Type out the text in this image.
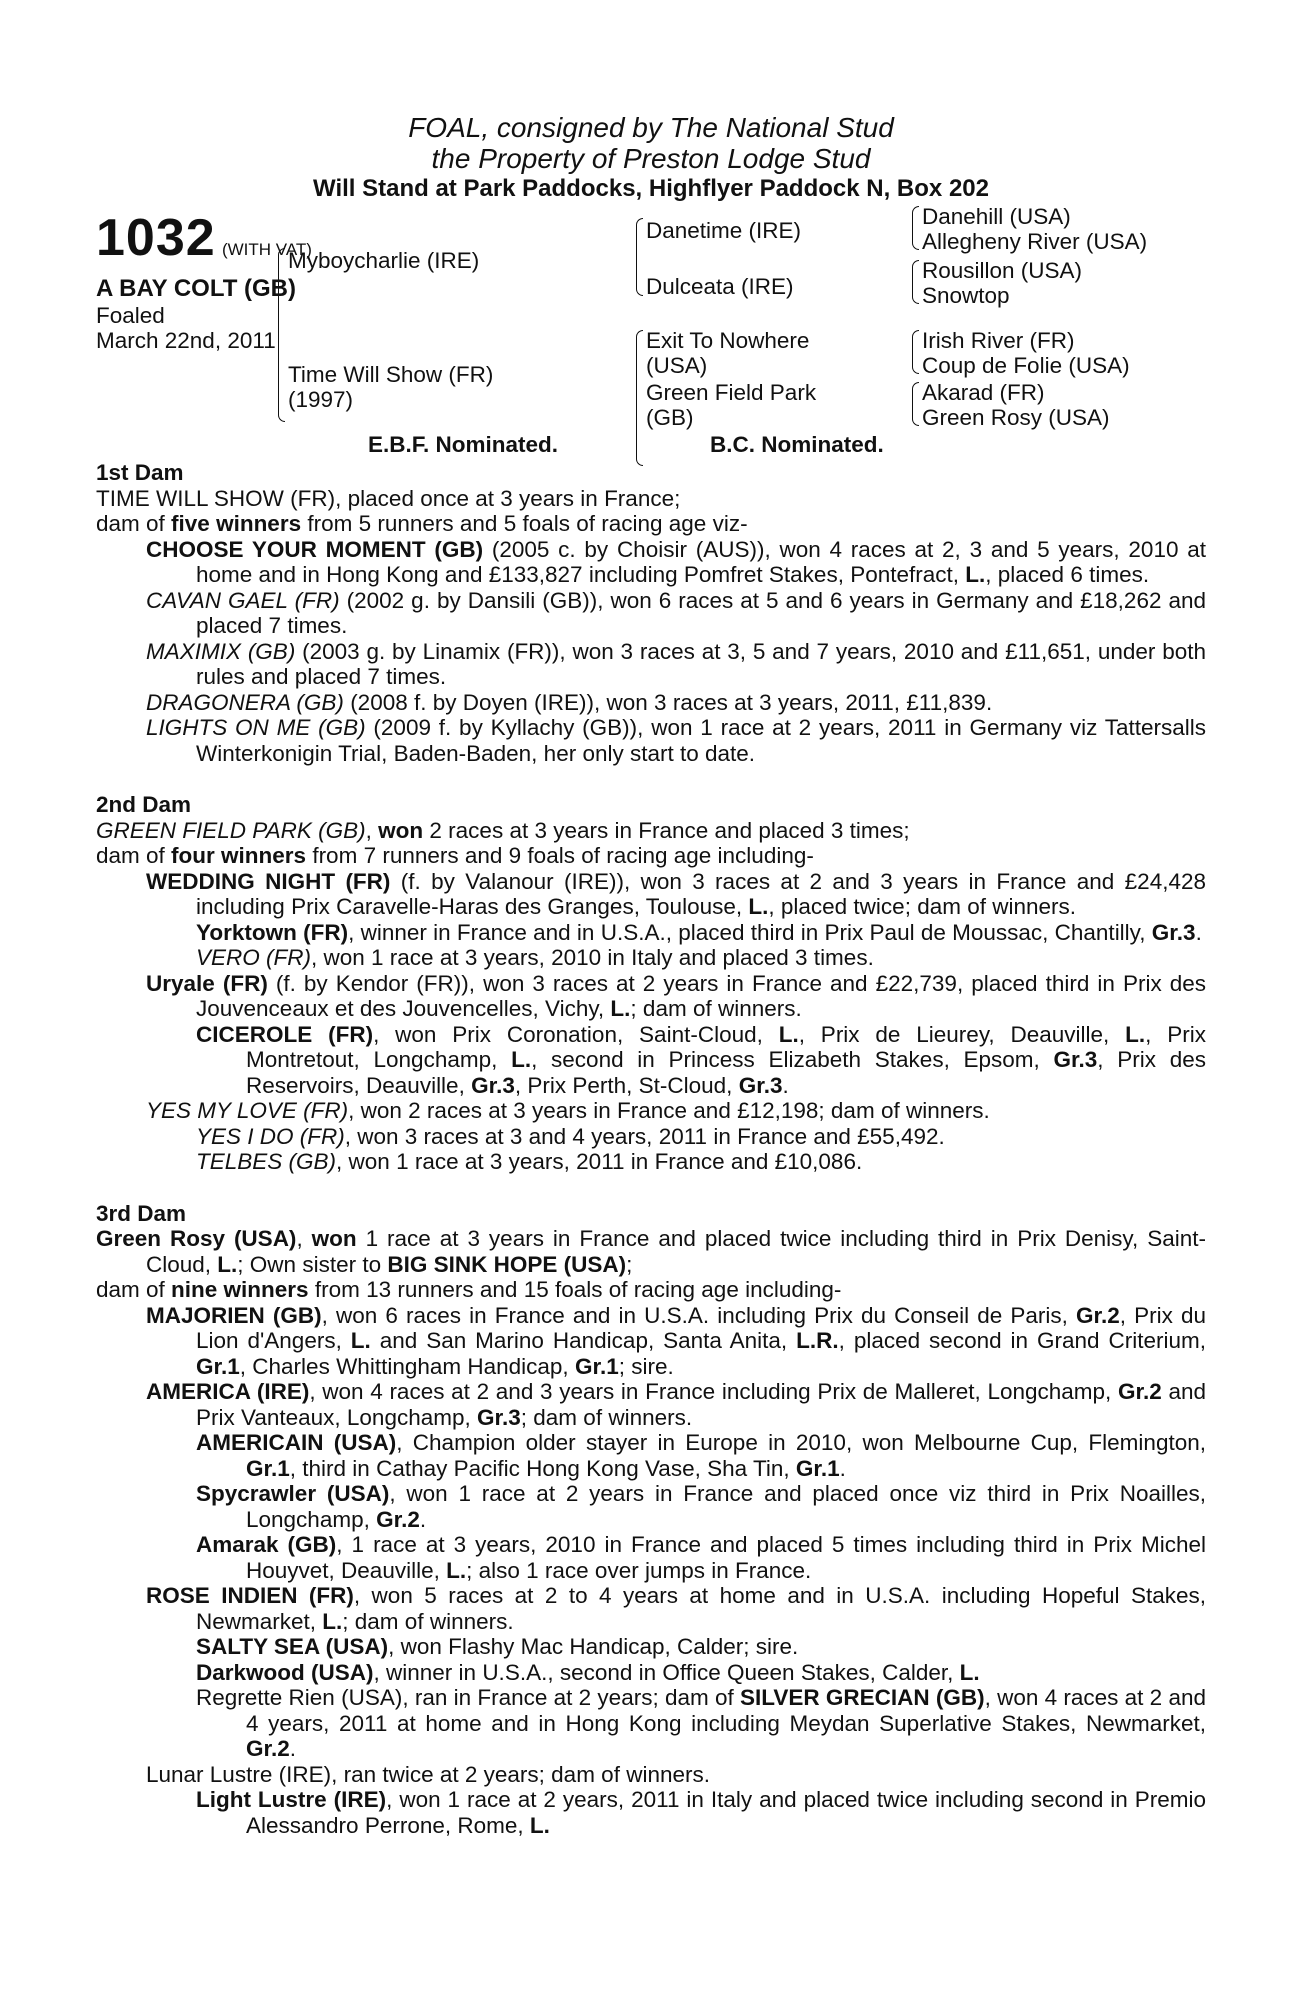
FOAL, consigned by The National Stud
the Property of Preston Lodge Stud
Will Stand at Park Paddocks, Highflyer Paddock N, Box 202
1032 (WITH VAT)
A BAY COLT (GB)
Foaled
March 22nd, 2011
Myboycharlie (IRE)
Time Will Show (FR)
(1997)
Danetime (IRE)
Dulceata (IRE)
Exit To Nowhere
(USA)
Green Field Park
(GB)
Danehill (USA)
Allegheny River (USA)
Rousillon (USA)
Snowtop
Irish River (FR)
Coup de Folie (USA)
Akarad (FR)
Green Rosy (USA)
E.B.F. Nominated.	B.C. Nominated.
1st Dam

TIME WILL SHOW (FR), placed once at 3 years in France;

dam of five winners from 5 runners and 5 foals of racing age viz-

CHOOSE YOUR MOMENT (GB) (2005 c. by Choisir (AUS)), won 4 races at 2, 3 and 5 years, 2010 at home and in Hong Kong and £133,827 including Pomfret Stakes, Pontefract, L., placed 6 times.

CAVAN GAEL (FR) (2002 g. by Dansili (GB)), won 6 races at 5 and 6 years in Germany and £18,262 and placed 7 times.

MAXIMIX (GB) (2003 g. by Linamix (FR)), won 3 races at 3, 5 and 7 years, 2010 and £11,651, under both rules and placed 7 times.

DRAGONERA (GB) (2008 f. by Doyen (IRE)), won 3 races at 3 years, 2011, £11,839.

LIGHTS ON ME (GB) (2009 f. by Kyllachy (GB)), won 1 race at 2 years, 2011 in Germany viz Tattersalls Winterkonigin Trial, Baden-Baden, her only start to date.

2nd Dam

GREEN FIELD PARK (GB), won 2 races at 3 years in France and placed 3 times;

dam of four winners from 7 runners and 9 foals of racing age including-

WEDDING NIGHT (FR) (f. by Valanour (IRE)), won 3 races at 2 and 3 years in France and £24,428 including Prix Caravelle-Haras des Granges, Toulouse, L., placed twice; dam of winners.

Yorktown (FR), winner in France and in U.S.A., placed third in Prix Paul de Moussac, Chantilly, Gr.3.

VERO (FR), won 1 race at 3 years, 2010 in Italy and placed 3 times.

Uryale (FR) (f. by Kendor (FR)), won 3 races at 2 years in France and £22,739, placed third in Prix des Jouvenceaux et des Jouvencelles, Vichy, L.; dam of winners.

CICEROLE (FR), won Prix Coronation, Saint-Cloud, L., Prix de Lieurey, Deauville, L., Prix Montretout, Longchamp, L., second in Princess Elizabeth Stakes, Epsom, Gr.3, Prix des Reservoirs, Deauville, Gr.3, Prix Perth, St-Cloud, Gr.3.

YES MY LOVE (FR), won 2 races at 3 years in France and £12,198; dam of winners.

YES I DO (FR), won 3 races at 3 and 4 years, 2011 in France and £55,492.

TELBES (GB), won 1 race at 3 years, 2011 in France and £10,086.

3rd Dam

Green Rosy (USA), won 1 race at 3 years in France and placed twice including third in Prix Denisy, Saint-Cloud, L.; Own sister to BIG SINK HOPE (USA);

dam of nine winners from 13 runners and 15 foals of racing age including-

MAJORIEN (GB), won 6 races in France and in U.S.A. including Prix du Conseil de Paris, Gr.2, Prix du Lion d'Angers, L. and San Marino Handicap, Santa Anita, L.R., placed second in Grand Criterium, Gr.1, Charles Whittingham Handicap, Gr.1; sire.

AMERICA (IRE), won 4 races at 2 and 3 years in France including Prix de Malleret, Longchamp, Gr.2 and Prix Vanteaux, Longchamp, Gr.3; dam of winners.

AMERICAIN (USA), Champion older stayer in Europe in 2010, won Melbourne Cup, Flemington, Gr.1, third in Cathay Pacific Hong Kong Vase, Sha Tin, Gr.1.

Spycrawler (USA), won 1 race at 2 years in France and placed once viz third in Prix Noailles, Longchamp, Gr.2.

Amarak (GB), 1 race at 3 years, 2010 in France and placed 5 times including third in Prix Michel Houyvet, Deauville, L.; also 1 race over jumps in France.

ROSE INDIEN (FR), won 5 races at 2 to 4 years at home and in U.S.A. including Hopeful Stakes, Newmarket, L.; dam of winners.

SALTY SEA (USA), won Flashy Mac Handicap, Calder; sire.

Darkwood (USA), winner in U.S.A., second in Office Queen Stakes, Calder, L.

Regrette Rien (USA), ran in France at 2 years; dam of SILVER GRECIAN (GB), won 4 races at 2 and 4 years, 2011 at home and in Hong Kong including Meydan Superlative Stakes, Newmarket, Gr.2.

Lunar Lustre (IRE), ran twice at 2 years; dam of winners.

Light Lustre (IRE), won 1 race at 2 years, 2011 in Italy and placed twice including second in Premio Alessandro Perrone, Rome, L.
